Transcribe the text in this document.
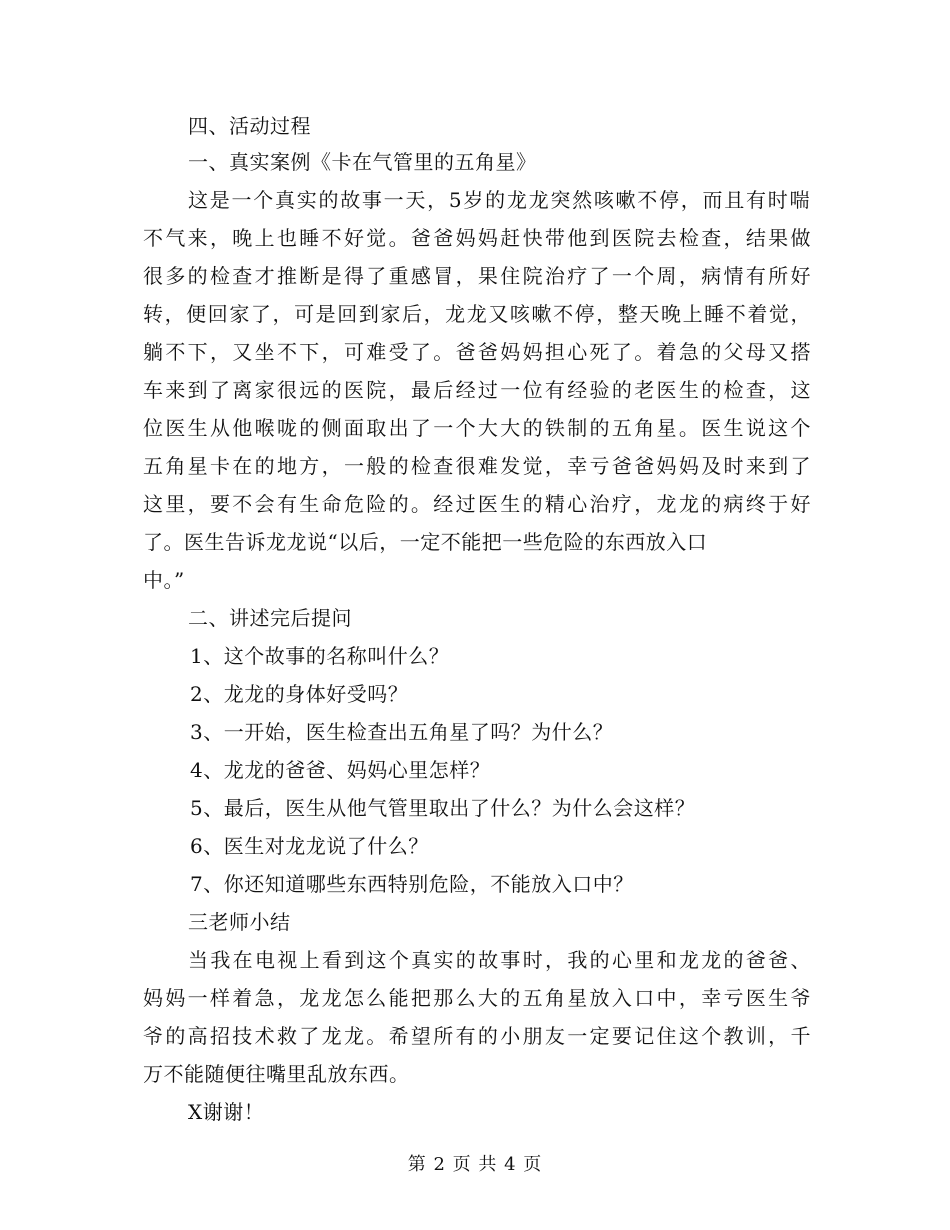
四、活动过程
一、真实案例《卡在气管里的五角星》
这是一个真实的故事一天，5岁的龙龙突然咳嗽不停，而且有时喘
不气来，晚上也睡不好觉。爸爸妈妈赶快带他到医院去检查，结果做
很多的检查才推断是得了重感冒，果住院治疗了一个周，病情有所好
转，便回家了，可是回到家后，龙龙又咳嗽不停，整天晚上睡不着觉，
躺不下，又坐不下，可难受了。爸爸妈妈担心死了。着急的父母又搭
车来到了离家很远的医院，最后经过一位有经验的老医生的检查，这
位医生从他喉咙的侧面取出了一个大大的铁制的五角星。医生说这个
五角星卡在的地方，一般的检查很难发觉，幸亏爸爸妈妈及时来到了
这里，要不会有生命危险的。经过医生的精心治疗，龙龙的病终于好
了。医生告诉龙龙说“以后，一定不能把一些危险的东西放入口
中。”
二、讲述完后提问
1、这个故事的名称叫什么？
2、龙龙的身体好受吗？
3、一开始，医生检查出五角星了吗？为什么？
4、龙龙的爸爸、妈妈心里怎样？
5、最后，医生从他气管里取出了什么？为什么会这样？
6、医生对龙龙说了什么？
7、你还知道哪些东西特别危险，不能放入口中？
三老师小结
当我在电视上看到这个真实的故事时，我的心里和龙龙的爸爸、
妈妈一样着急，龙龙怎么能把那么大的五角星放入口中，幸亏医生爷
爷的高招技术救了龙龙。希望所有的小朋友一定要记住这个教训，千
万不能随便往嘴里乱放东西。
X谢谢！
第 2 页 共 4 页
